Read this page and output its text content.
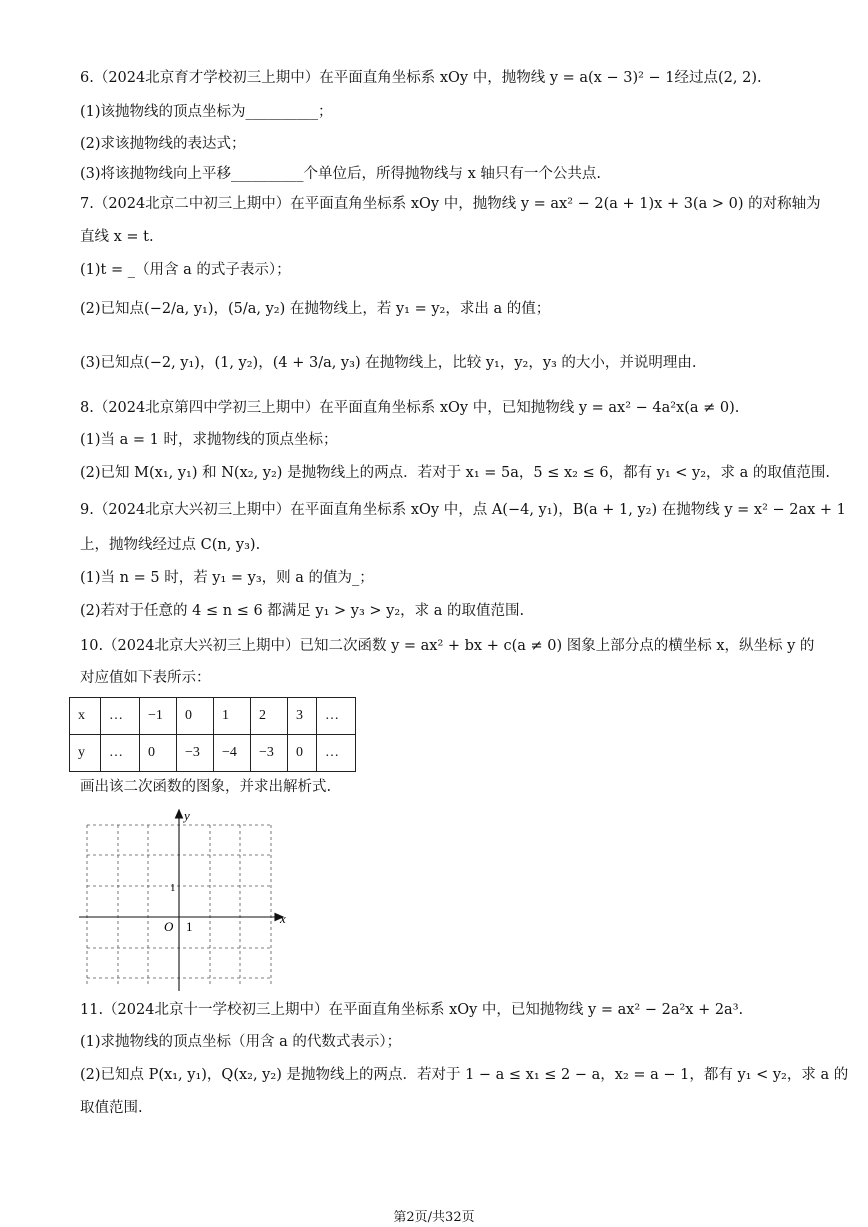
6.（2024北京育才学校初三上期中）在平面直角坐标系 xOy 中，抛物线 y = a(x − 3)² − 1经过点(2, 2).
(1)该抛物线的顶点坐标为__________；
(2)求该抛物线的表达式；
(3)将该抛物线向上平移__________个单位后，所得抛物线与 x 轴只有一个公共点.
7.（2024北京二中初三上期中）在平面直角坐标系 xOy 中，抛物线 y = ax² − 2(a + 1)x + 3(a > 0) 的对称轴为
直线 x = t.
(1)t = _（用含 a 的式子表示）；
(2)已知点(−2/a, y₁)，(5/a, y₂) 在抛物线上，若 y₁ = y₂，求出 a 的值；
(3)已知点(−2, y₁)，(1, y₂)，(4 + 3/a, y₃) 在抛物线上，比较 y₁，y₂，y₃ 的大小，并说明理由.
8.（2024北京第四中学初三上期中）在平面直角坐标系 xOy 中，已知抛物线 y = ax² − 4a²x(a ≠ 0).
(1)当 a = 1 时，求抛物线的顶点坐标；
(2)已知 M(x₁, y₁) 和 N(x₂, y₂) 是抛物线上的两点．若对于 x₁ = 5a，5 ≤ x₂ ≤ 6，都有 y₁ < y₂，求 a 的取值范围.
9.（2024北京大兴初三上期中）在平面直角坐标系 xOy 中，点 A(−4, y₁)，B(a + 1, y₂) 在抛物线 y = x² − 2ax + 1
上，抛物线经过点 C(n, y₃).
(1)当 n = 5 时，若 y₁ = y₃，则 a 的值为_；
(2)若对于任意的 4 ≤ n ≤ 6 都满足 y₁ > y₃ > y₂，求 a 的取值范围.
10.（2024北京大兴初三上期中）已知二次函数 y = ax² + bx + c(a ≠ 0) 图象上部分点的横坐标 x，纵坐标 y 的
对应值如下表所示：
x	…	−1	0	1	2	3	…
y	…	0	−3	−4	−3	0	…
画出该二次函数的图象，并求出解析式.
x
y
O 1
1
11.（2024北京十一学校初三上期中）在平面直角坐标系 xOy 中，已知抛物线 y = ax² − 2a²x + 2a³.
(1)求抛物线的顶点坐标（用含 a 的代数式表示）；
(2)已知点 P(x₁, y₁)，Q(x₂, y₂) 是抛物线上的两点．若对于 1 − a ≤ x₁ ≤ 2 − a，x₂ = a − 1，都有 y₁ < y₂，求 a 的
取值范围.
第2页/共32页
